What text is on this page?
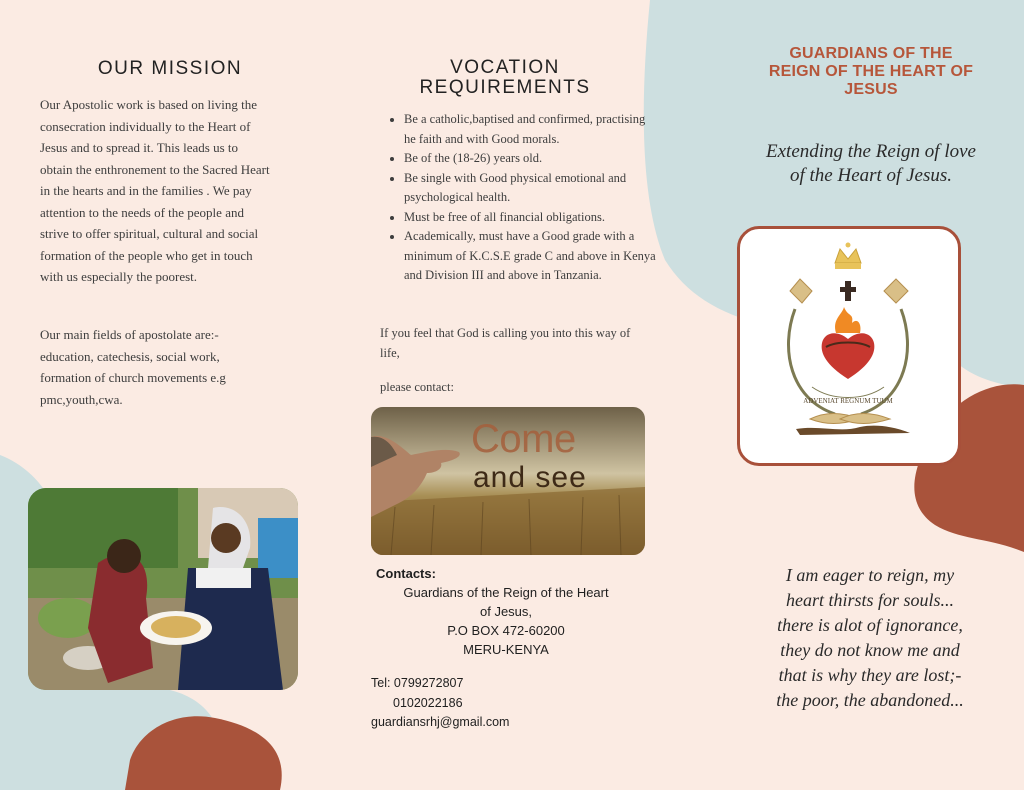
OUR MISSION
Our Apostolic work is based on living the consecration individually to the Heart of Jesus and to spread it. This leads us to obtain the enthronement to the Sacred Heart in the hearts and in the families . We pay attention to the needs of the people and strive to offer spiritual, cultural and social formation of the people who get in touch with us especially the poorest.
Our main fields of apostolate are:-education, catechesis, social work, formation of church movements e.g pmc,youth,cwa.
VOCATION
REQUIREMENTS
• Be a catholic,baptised and confirmed, practising he faith and with Good morals.
• Be of the (18-26) years old.
• Be single with Good physical emotional and psychological health.
• Must be free of all financial obligations.
• Academically, must have a Good grade with a minimum of K.C.S.E grade C and above in Kenya and Division III and above in Tanzania.
If you feel that God is calling you into this way of life,
please contact:
Come
and see
Contacts:
Guardians of the Reign of the Heart
of Jesus,
P.O BOX 472-60200
MERU-KENYA
Tel: 0799272807
0102022186
guardiansrhj@gmail.com
GUARDIANS OF THE
REIGN OF THE HEART OF
JESUS
Extending the Reign of love
of the Heart of Jesus.
ADVENIAT REGNUM TUUM
I am eager to reign, my
heart thirsts for souls...
there is alot of ignorance,
they do not know me and
that is why they are lost;-
the poor, the abandoned...
